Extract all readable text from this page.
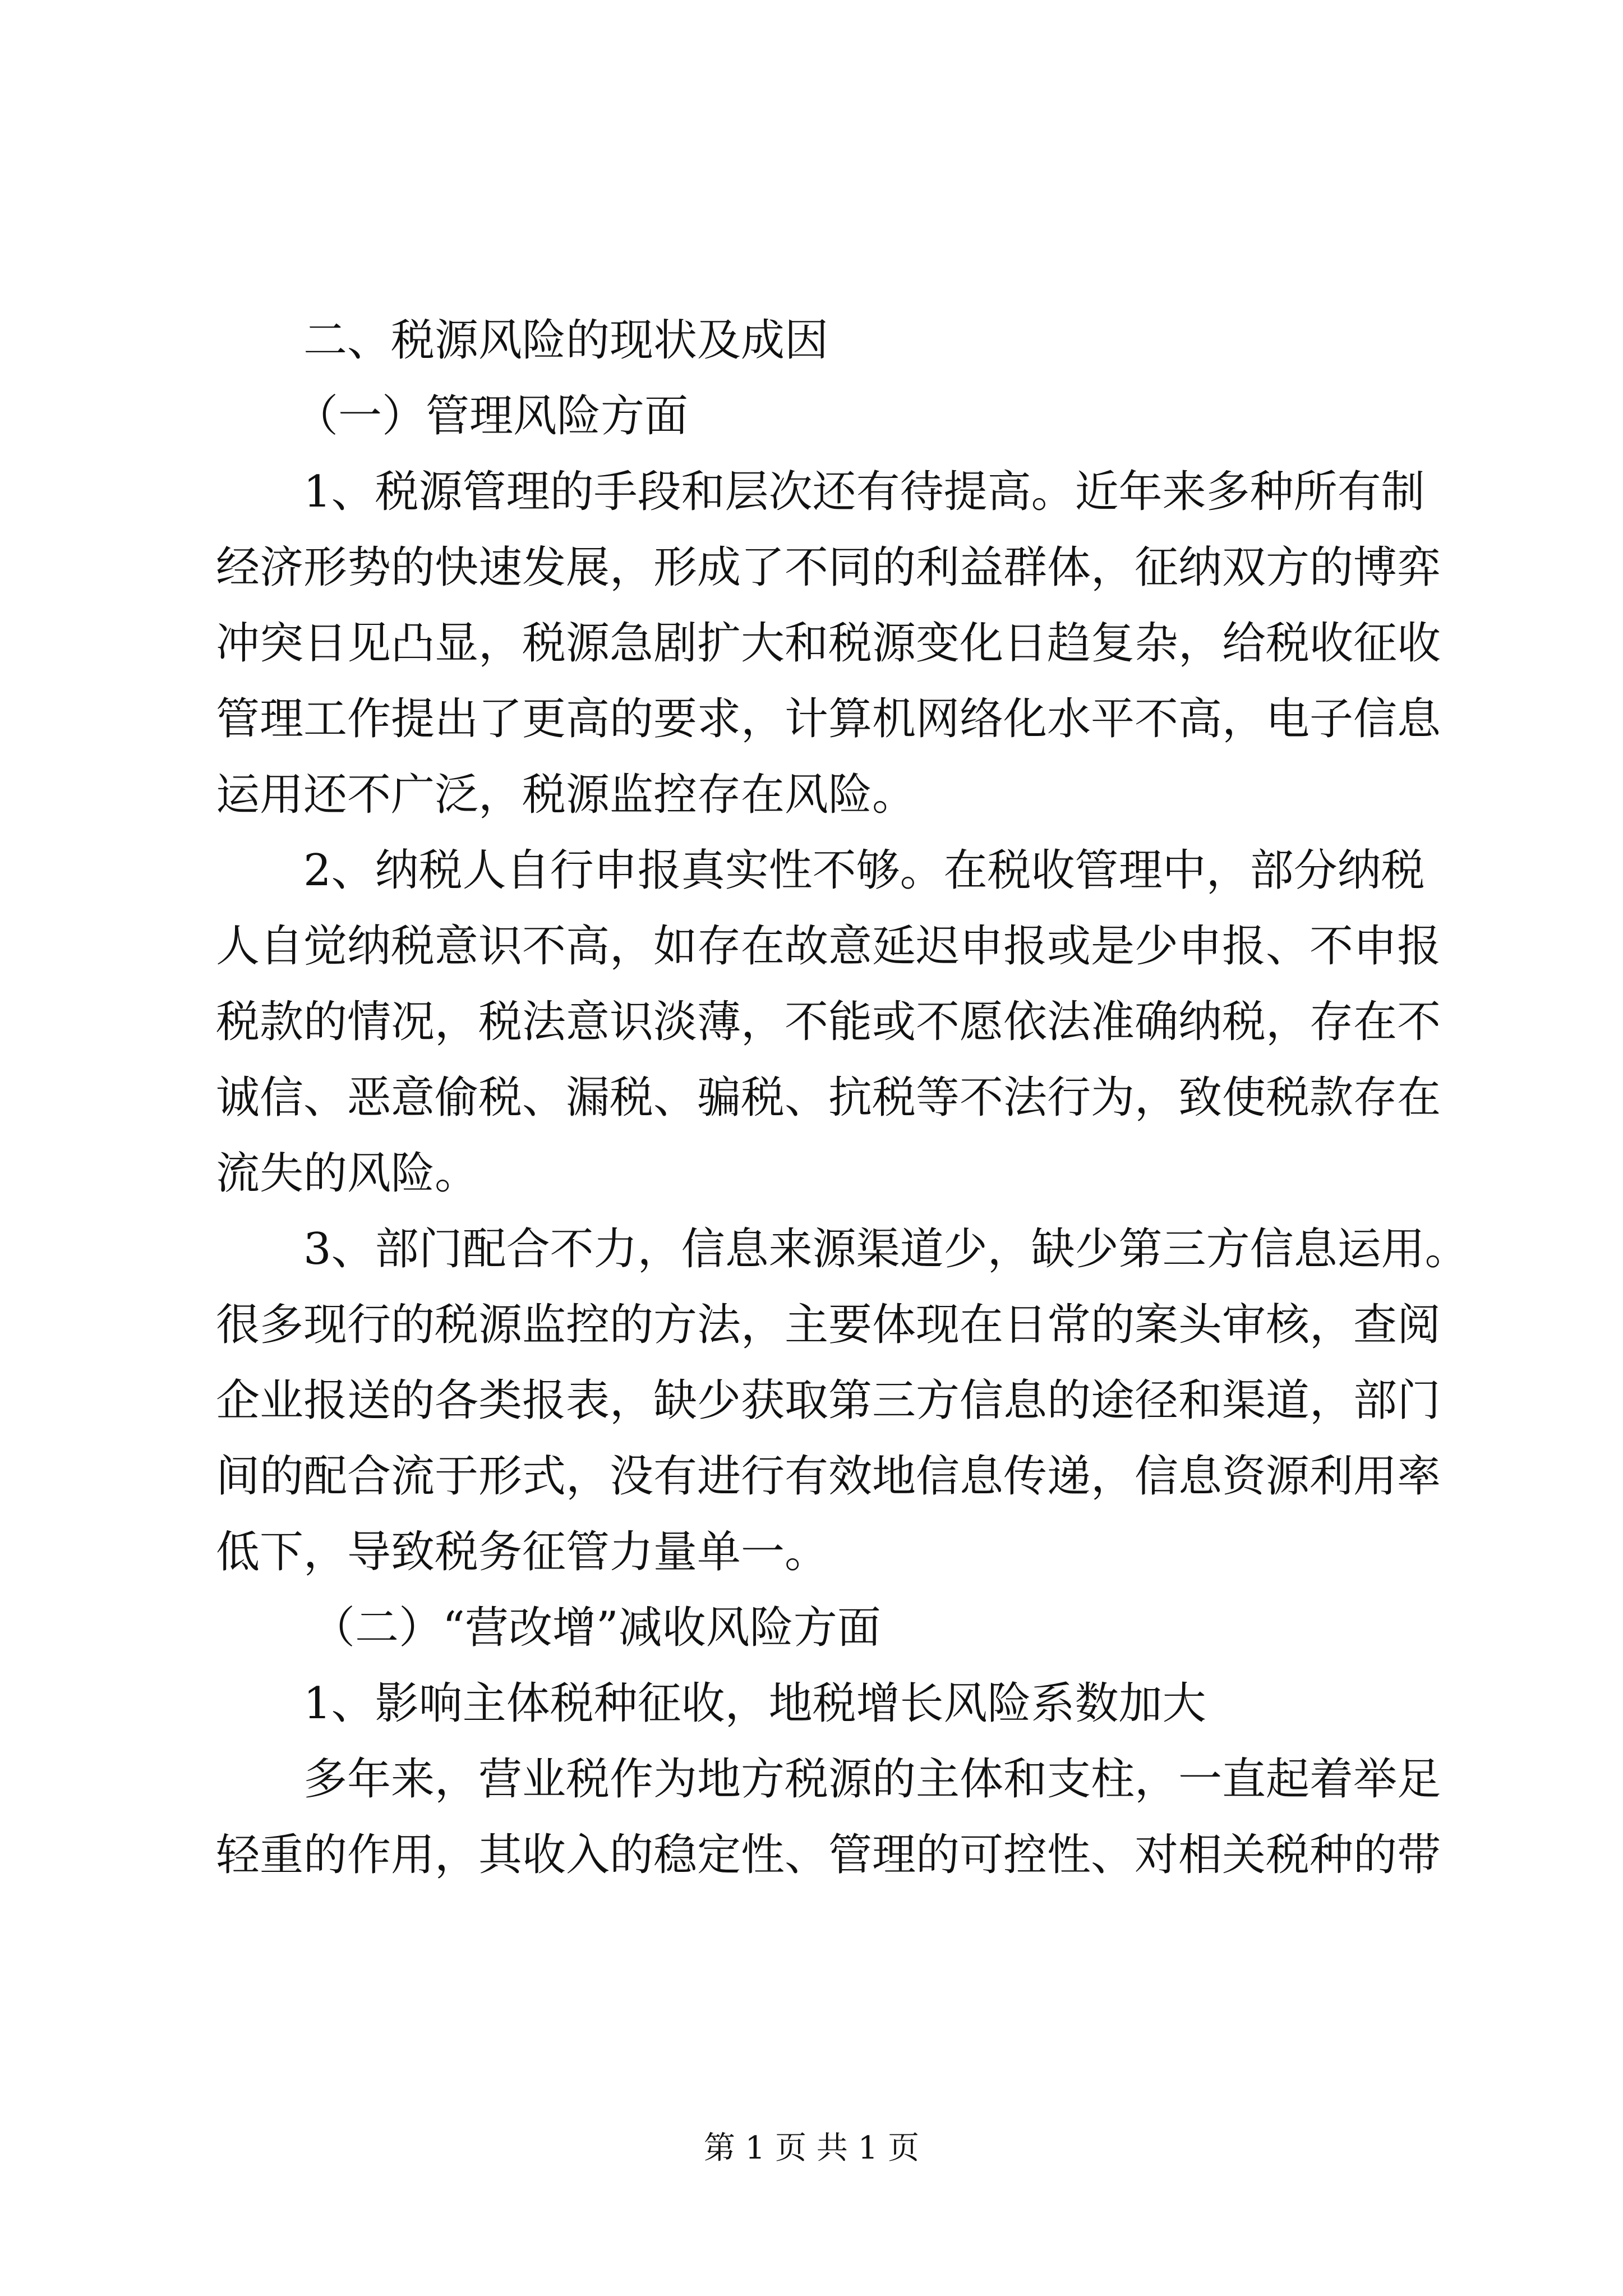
二、税源风险的现状及成因
（一）管理风险方面
1、税源管理的手段和层次还有待提高。近年来多种所有制
经济形势的快速发展，形成了不同的利益群体，征纳双方的博弈
冲突日见凸显，税源急剧扩大和税源变化日趋复杂，给税收征收
管理工作提出了更高的要求，计算机网络化水平不高，电子信息
运用还不广泛，税源监控存在风险。
2、纳税人自行申报真实性不够。在税收管理中，部分纳税
人自觉纳税意识不高，如存在故意延迟申报或是少申报、不申报
税款的情况，税法意识淡薄，不能或不愿依法准确纳税，存在不
诚信、恶意偷税、漏税、骗税、抗税等不法行为，致使税款存在
流失的风险。
3、部门配合不力，信息来源渠道少，缺少第三方信息运用。
很多现行的税源监控的方法，主要体现在日常的案头审核，查阅
企业报送的各类报表，缺少获取第三方信息的途径和渠道，部门
间的配合流于形式，没有进行有效地信息传递，信息资源利用率
低下，导致税务征管力量单一。
（二）“营改增”减收风险方面
1、影响主体税种征收，地税增长风险系数加大
多年来，营业税作为地方税源的主体和支柱，一直起着举足
轻重的作用，其收入的稳定性、管理的可控性、对相关税种的带
第 1 页 共 1 页
